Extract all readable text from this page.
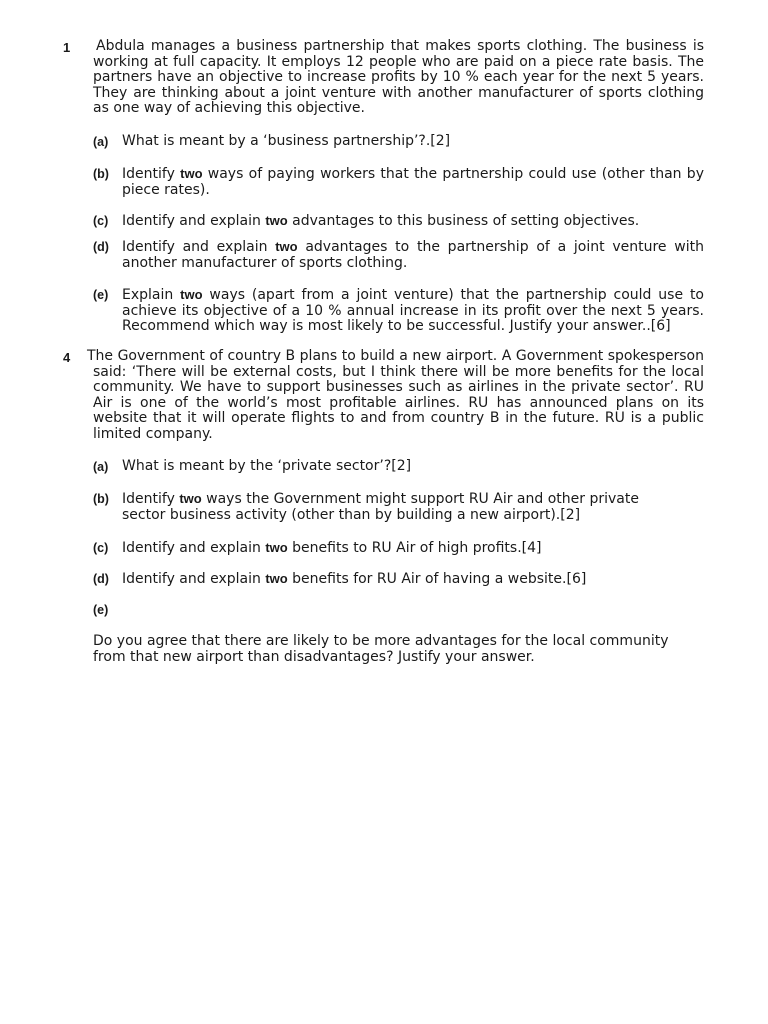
1 Abdula manages a business partnership that makes sports clothing. The business is working at full capacity. It employs 12 people who are paid on a piece rate basis. The partners have an objective to increase profits by 10 % each year for the next 5 years. They are thinking about a joint venture with another manufacturer of sports clothing as one way of achieving this objective.
(a) What is meant by a ‘business partnership’?.[2]
(b) Identify two ways of paying workers that the partnership could use (other than by piece rates).
(c) Identify and explain two advantages to this business of setting objectives.
(d) Identify and explain two advantages to the partnership of a joint venture with another manufacturer of sports clothing.
(e) Explain two ways (apart from a joint venture) that the partnership could use to achieve its objective of a 10 % annual increase in its profit over the next 5 years. Recommend which way is most likely to be successful. Justify your answer..[6]
4 The Government of country B plans to build a new airport. A Government spokesperson said: ‘There will be external costs, but I think there will be more benefits for the local community. We have to support businesses such as airlines in the private sector’. RU Air is one of the world’s most profitable airlines. RU has announced plans on its website that it will operate flights to and from country B in the future. RU is a public limited company.
(a) What is meant by the ‘private sector’?[2]
(b) Identify two ways the Government might support RU Air and other private sector business activity (other than by building a new airport).[2]
(c) Identify and explain two benefits to RU Air of high profits.[4]
(d) Identify and explain two benefits for RU Air of having a website.[6]
(e)
Do you agree that there are likely to be more advantages for the local community from that new airport than disadvantages? Justify your answer.
